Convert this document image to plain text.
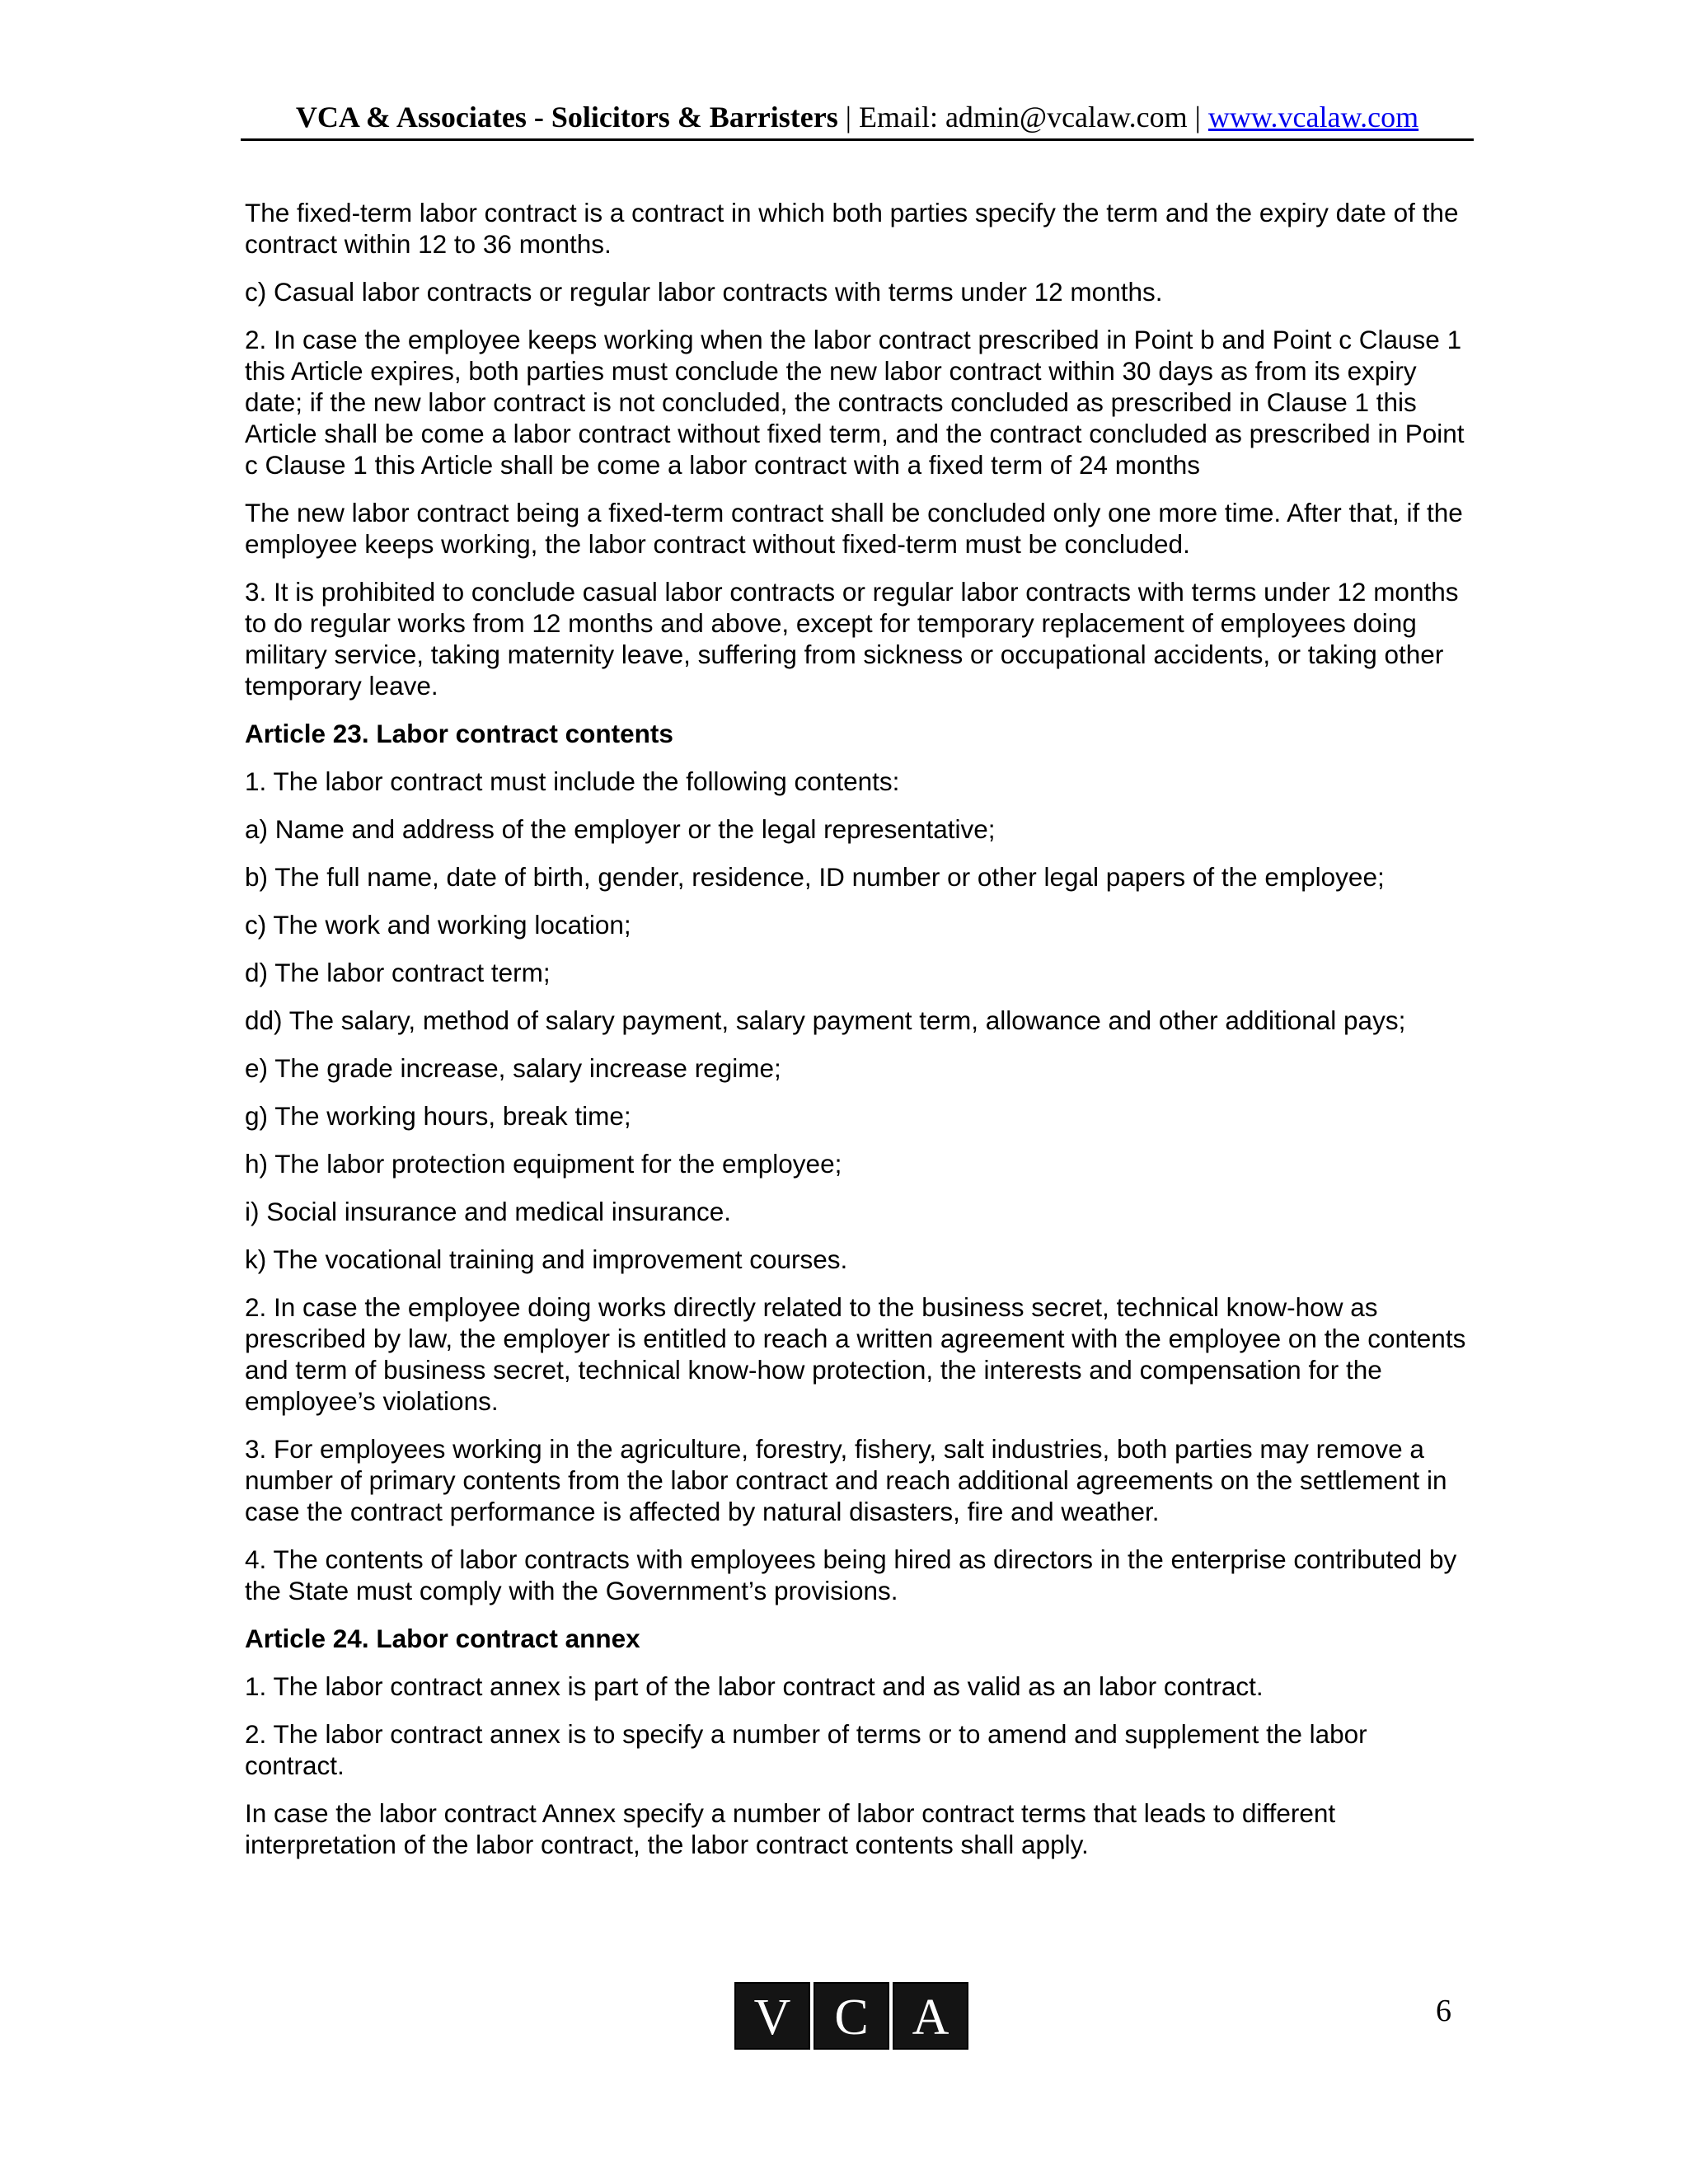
VCA & Associates - Solicitors & Barristers | Email: admin@vcalaw.com | www.vcalaw.com

The fixed-term labor contract is a contract in which both parties specify the term and the expiry date of the contract within 12 to 36 months.

c) Casual labor contracts or regular labor contracts with terms under 12 months.

2. In case the employee keeps working when the labor contract prescribed in Point b and Point c Clause 1 this Article expires, both parties must conclude the new labor contract within 30 days as from its expiry date; if the new labor contract is not concluded, the contracts concluded as prescribed in Clause 1 this Article shall be come a labor contract without fixed term, and the contract concluded as prescribed in Point c Clause 1 this Article shall be come a labor contract with a fixed term of 24 months

The new labor contract being a fixed-term contract shall be concluded only one more time. After that, if the employee keeps working, the labor contract without fixed-term must be concluded.

3. It is prohibited to conclude casual labor contracts or regular labor contracts with terms under 12 months to do regular works from 12 months and above, except for temporary replacement of employees doing military service, taking maternity leave, suffering from sickness or occupational accidents, or taking other temporary leave.

Article 23. Labor contract contents

1. The labor contract must include the following contents:

a) Name and address of the employer or the legal representative;

b) The full name, date of birth, gender, residence, ID number or other legal papers of the employee;

c) The work and working location;

d) The labor contract term;

dd) The salary, method of salary payment, salary payment term, allowance and other additional pays;

e) The grade increase, salary increase regime;

g) The working hours, break time;

h) The labor protection equipment for the employee;

i) Social insurance and medical insurance.

k) The vocational training and improvement courses.

2. In case the employee doing works directly related to the business secret, technical know-how as prescribed by law, the employer is entitled to reach a written agreement with the employee on the contents and term of business secret, technical know-how protection, the interests and compensation for the employee’s violations.

3. For employees working in the agriculture, forestry, fishery, salt industries, both parties may remove a number of primary contents from the labor contract and reach additional agreements on the settlement in case the contract performance is affected by natural disasters, fire and weather.

4. The contents of labor contracts with employees being hired as directors in the enterprise contributed by the State must comply with the Government’s provisions.

Article 24. Labor contract annex

1. The labor contract annex is part of the labor contract and as valid as an labor contract.

2. The labor contract annex is to specify a number of terms or to amend and supplement the labor contract.

In case the labor contract Annex specify a number of labor contract terms that leads to different interpretation of the labor contract, the labor contract contents shall apply.

V C A	6
